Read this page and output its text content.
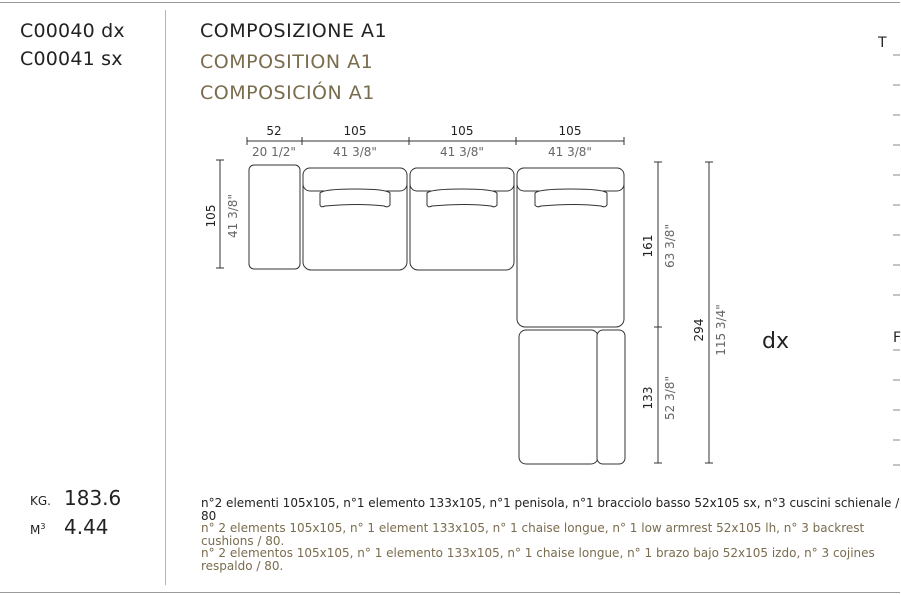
C00040 dx
C00041 sx
COMPOSIZIONE A1
COMPOSITION A1
COMPOSICIÓN A1
52
20 1/2"
105
41 3/8"
105
41 3/8"
105
41 3/8"
105 41 3/8"
161 63 3/8"
133 52 3/8"
294 115 3/4" dx
T
F
KG. 183.6
$M^3$ 4.44

n°2 elementi 105x105, n°1 elemento 133x105, n°1 penisola, n°1 bracciolo basso 52x105 sx, n°3 cuscini schienale / 80

n° 2 elements 105x105, n° 1 element 133x105, n° 1 chaise longue, n° 1 low armrest 52x105 lh, n° 3 backrest cushions / 80.

n° 2 elementos 105x105, n° 1 elemento 133x105, n° 1 chaise longue, n° 1 brazo bajo 52x105 izdo, n° 3 cojines respaldo / 80.
